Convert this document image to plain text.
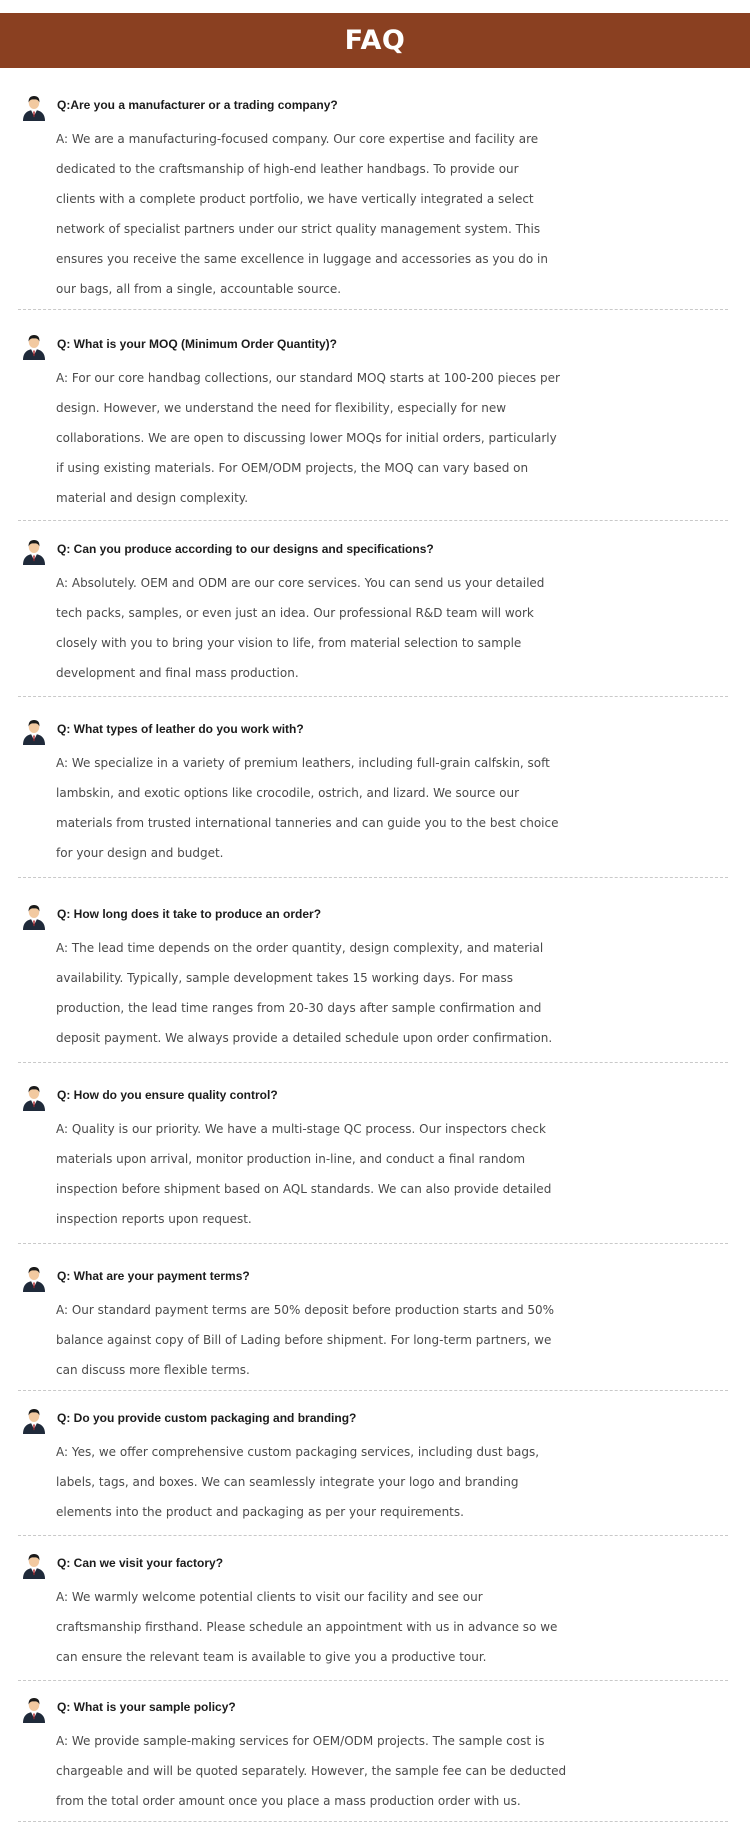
FAQ
Q:Are you a manufacturer or a trading company?
A: We are a manufacturing-focused company. Our core expertise and facility are
dedicated to the craftsmanship of high-end leather handbags. To provide our
clients with a complete product portfolio, we have vertically integrated a select
network of specialist partners under our strict quality management system. This
ensures you receive the same excellence in luggage and accessories as you do in
our bags, all from a single, accountable source.
Q: What is your MOQ (Minimum Order Quantity)?
A: For our core handbag collections, our standard MOQ starts at 100-200 pieces per
design. However, we understand the need for flexibility, especially for new
collaborations. We are open to discussing lower MOQs for initial orders, particularly
if using existing materials. For OEM/ODM projects, the MOQ can vary based on
material and design complexity.
Q: Can you produce according to our designs and specifications?
A: Absolutely. OEM and ODM are our core services. You can send us your detailed
tech packs, samples, or even just an idea. Our professional R&D team will work
closely with you to bring your vision to life, from material selection to sample
development and final mass production.
Q: What types of leather do you work with?
A: We specialize in a variety of premium leathers, including full-grain calfskin, soft
lambskin, and exotic options like crocodile, ostrich, and lizard. We source our
materials from trusted international tanneries and can guide you to the best choice
for your design and budget.
Q: How long does it take to produce an order?
A: The lead time depends on the order quantity, design complexity, and material
availability. Typically, sample development takes 15 working days. For mass
production, the lead time ranges from 20-30 days after sample confirmation and
deposit payment. We always provide a detailed schedule upon order confirmation.
Q: How do you ensure quality control?
A: Quality is our priority. We have a multi-stage QC process. Our inspectors check
materials upon arrival, monitor production in-line, and conduct a final random
inspection before shipment based on AQL standards. We can also provide detailed
inspection reports upon request.
Q: What are your payment terms?
A: Our standard payment terms are 50% deposit before production starts and 50%
balance against copy of Bill of Lading before shipment. For long-term partners, we
can discuss more flexible terms.
Q: Do you provide custom packaging and branding?
A: Yes, we offer comprehensive custom packaging services, including dust bags,
labels, tags, and boxes. We can seamlessly integrate your logo and branding
elements into the product and packaging as per your requirements.
Q: Can we visit your factory?
A: We warmly welcome potential clients to visit our facility and see our
craftsmanship firsthand. Please schedule an appointment with us in advance so we
can ensure the relevant team is available to give you a productive tour.
Q: What is your sample policy?
A: We provide sample-making services for OEM/ODM projects. The sample cost is
chargeable and will be quoted separately. However, the sample fee can be deducted
from the total order amount once you place a mass production order with us.
